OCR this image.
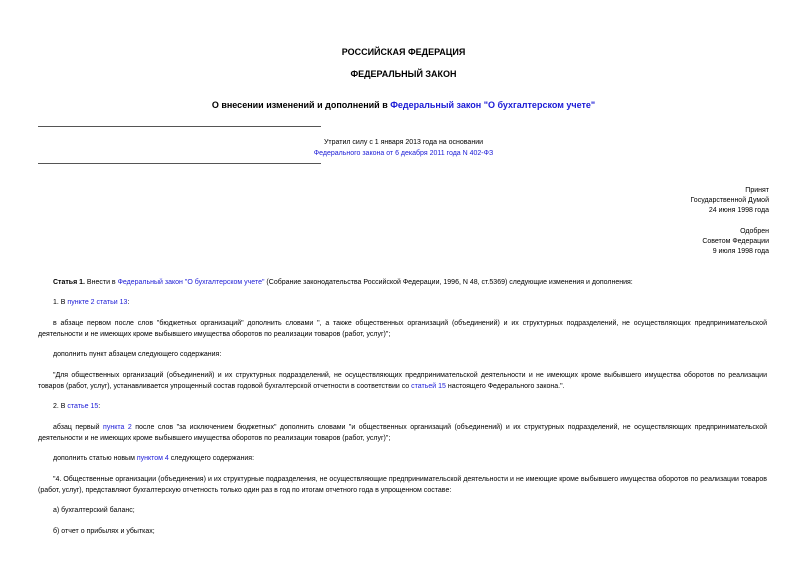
РОССИЙСКАЯ ФЕДЕРАЦИЯ
ФЕДЕРАЛЬНЫЙ ЗАКОН
О внесении изменений и дополнений в Федеральный закон "О бухгалтерском учете"
Утратил силу с 1 января 2013 года на основании
Федерального закона от 6 декабря 2011 года N 402-ФЗ
Принят
Государственной Думой
24 июня 1998 года
Одобрен
Советом Федерации
9 июля 1998 года
Статья 1. Внести в Федеральный закон "О бухгалтерском учете" (Собрание законодательства Российской Федерации, 1996, N 48, ст.5369) следующие изменения и дополнения:
1. В пункте 2 статьи 13:
в абзаце первом после слов "бюджетных организаций" дополнить словами ", а также общественных организаций (объединений) и их структурных подразделений, не осуществляющих предпринимательской деятельности и не имеющих кроме выбывшего имущества оборотов по реализации товаров (работ, услуг)";
дополнить пункт абзацем следующего содержания:
"Для общественных организаций (объединений) и их структурных подразделений, не осуществляющих предпринимательской деятельности и не имеющих кроме выбывшего имущества оборотов по реализации товаров (работ, услуг), устанавливается упрощенный состав годовой бухгалтерской отчетности в соответствии со статьей 15 настоящего Федерального закона.".
2. В статье 15:
абзац первый пункта 2 после слов "за исключением бюджетных" дополнить словами "и общественных организаций (объединений) и их структурных подразделений, не осуществляющих предпринимательской деятельности и не имеющих кроме выбывшего имущества оборотов по реализации товаров (работ, услуг)";
дополнить статью новым пунктом 4 следующего содержания:
"4. Общественные организации (объединения) и их структурные подразделения, не осуществляющие предпринимательской деятельности и не имеющие кроме выбывшего имущества оборотов по реализации товаров (работ, услуг), представляют бухгалтерскую отчетность только один раз в год по итогам отчетного года в упрощенном составе:
а) бухгалтерский баланс;
б) отчет о прибылях и убытках;
